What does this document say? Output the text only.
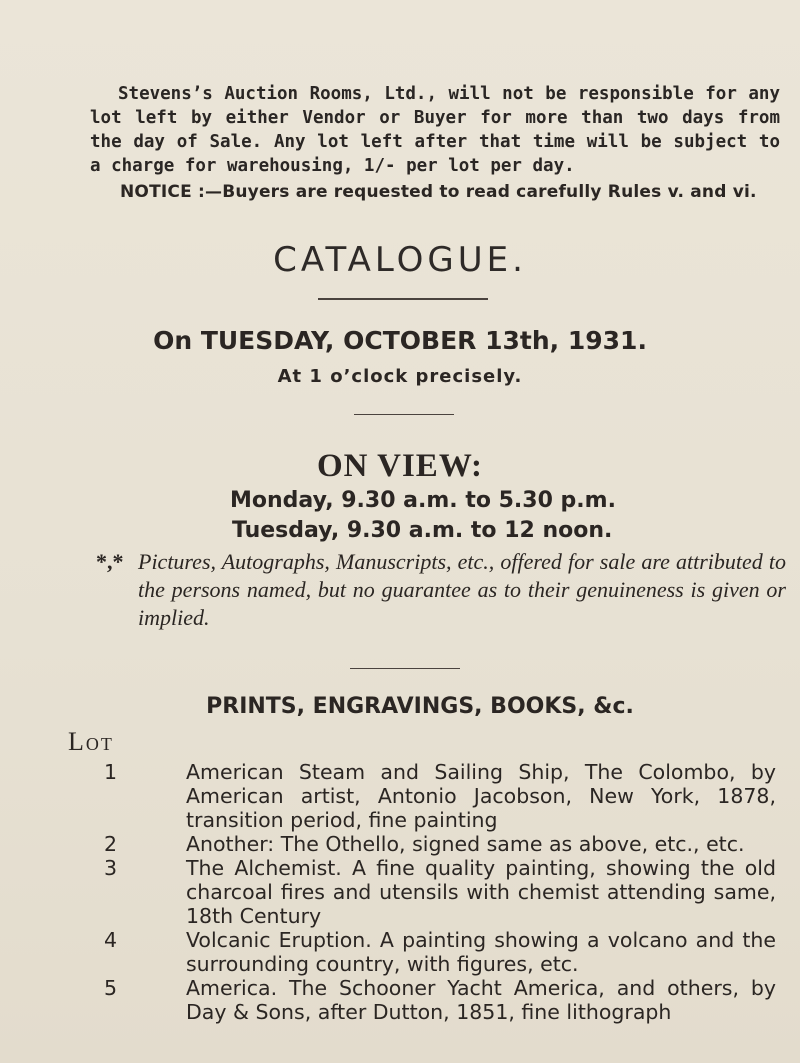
Stevens’s Auction Rooms, Ltd., will not be responsible for any lot left by either Vendor or Buyer for more than two days from the day of Sale. Any lot left after that time will be subject to a charge for warehousing, 1/- per lot per day.

NOTICE :—Buyers are requested to read carefully Rules v. and vi.
CATALOGUE.
On TUESDAY, OCTOBER 13th, 1931.
At 1 o’clock precisely.
ON VIEW:
Monday, 9.30 a.m. to 5.30 p.m.
Tuesday, 9.30 a.m. to 12 noon.
*,* Pictures, Autographs, Manuscripts, etc., offered for sale are attributed to the persons named, but no guarantee as to their genuineness is given or implied.
PRINTS, ENGRAVINGS, BOOKS, &c.
Lot
1	American Steam and Sailing Ship, The Colombo, by American artist, Antonio Jacobson, New York, 1878, transition period, fine painting
2	Another: The Othello, signed same as above, etc., etc.
3	The Alchemist. A fine quality painting, showing the old charcoal fires and utensils with chemist attending same, 18th Century
4	Volcanic Eruption. A painting showing a volcano and the surrounding country, with figures, etc.
5	America. The Schooner Yacht America, and others, by Day & Sons, after Dutton, 1851, fine lithograph
